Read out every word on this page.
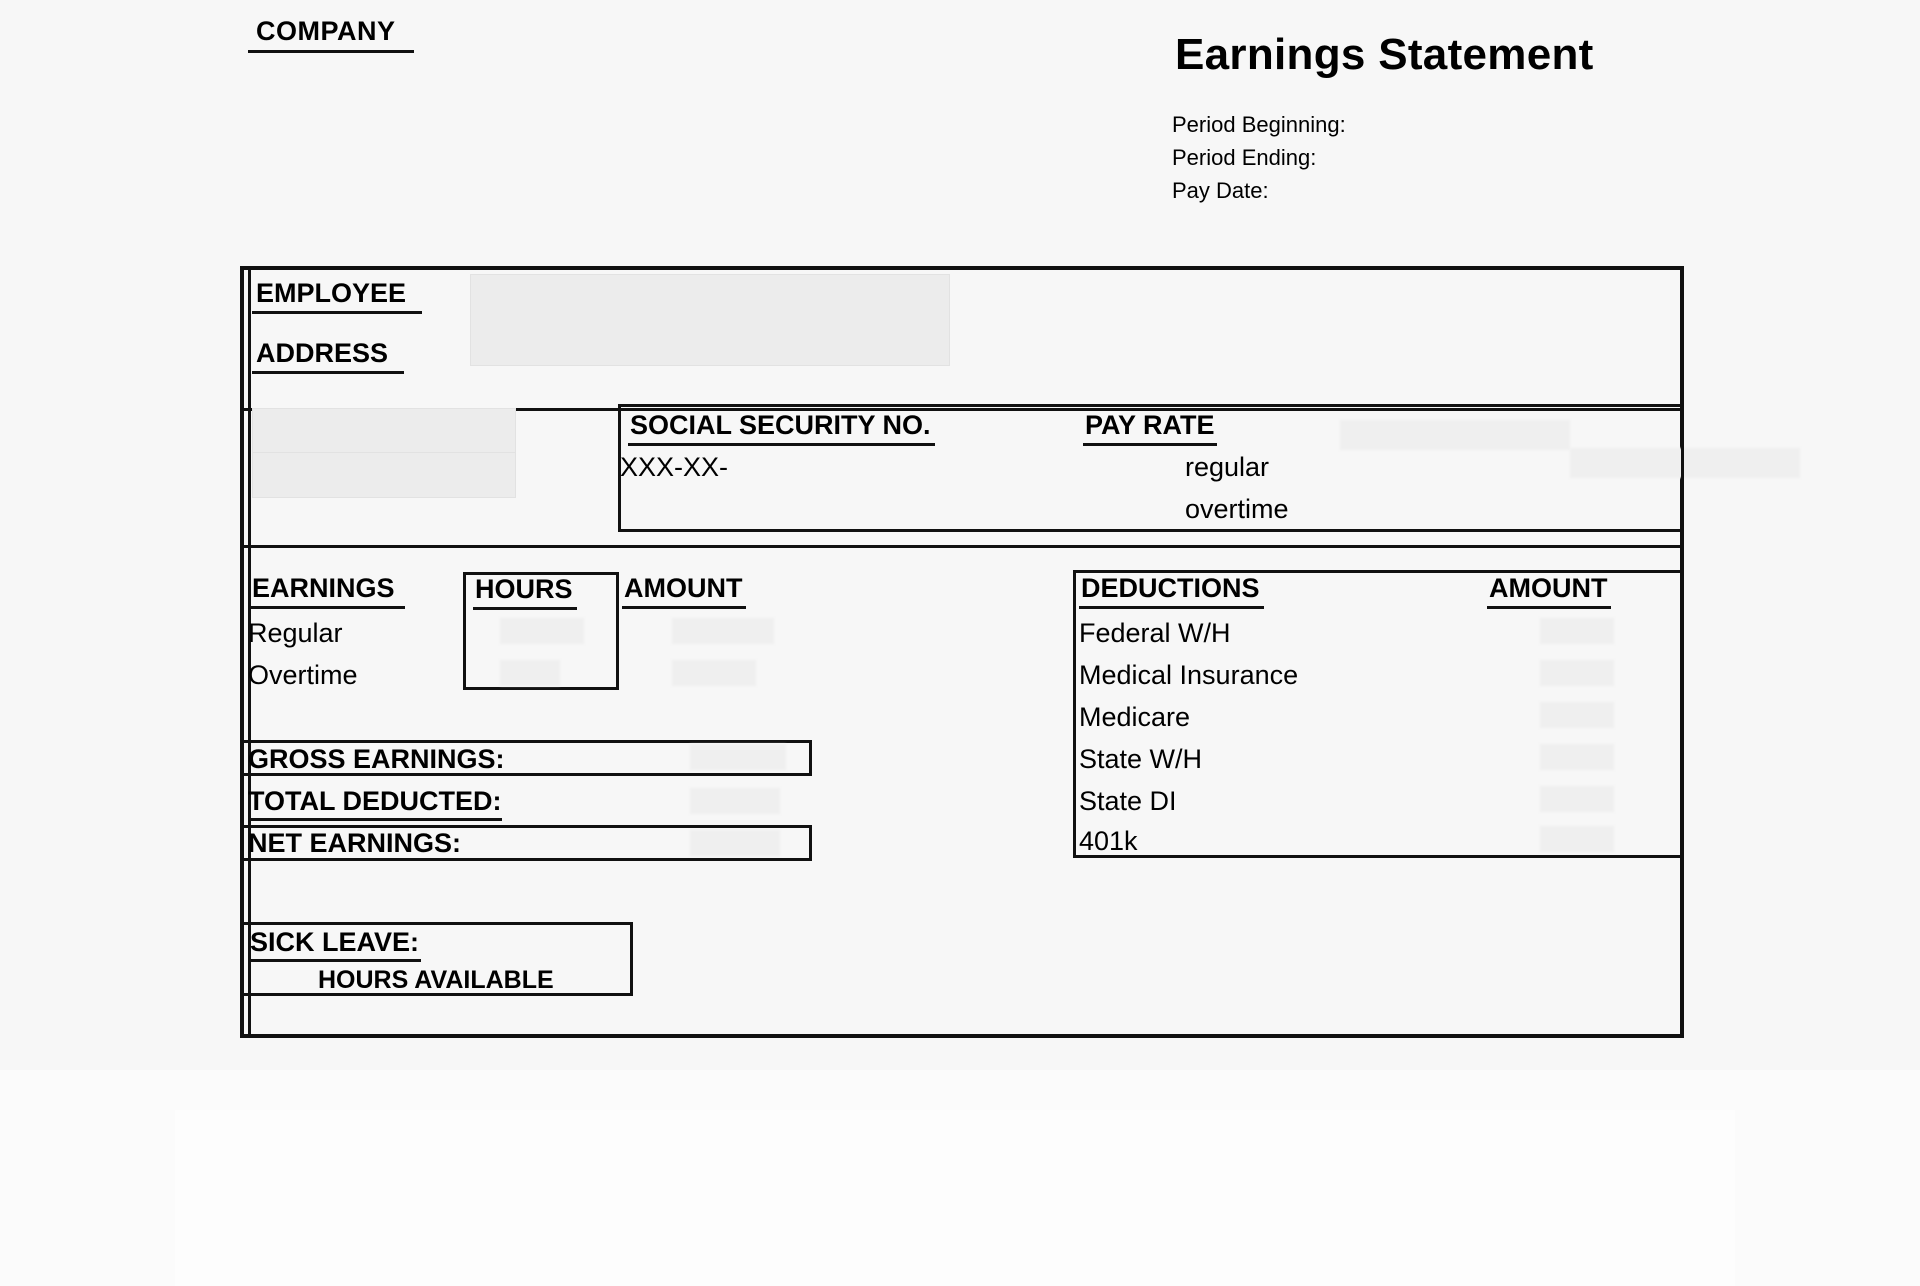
COMPANY	Earnings Statement
Period Beginning:
Period Ending:
Pay Date:
EMPLOYEE
ADDRESS
SOCIAL SECURITY NO.
XXX-XX-
PAY RATE
regular
overtime
EARNINGS	HOURS AMOUNT
Regular
Overtime
GROSS EARNINGS:
TOTAL DEDUCTED:
NET EARNINGS:
SICK LEAVE:
HOURS AVAILABLE
DEDUCTIONS	AMOUNT
Federal W/H
Medical Insurance
Medicare
State W/H
State DI
401k
